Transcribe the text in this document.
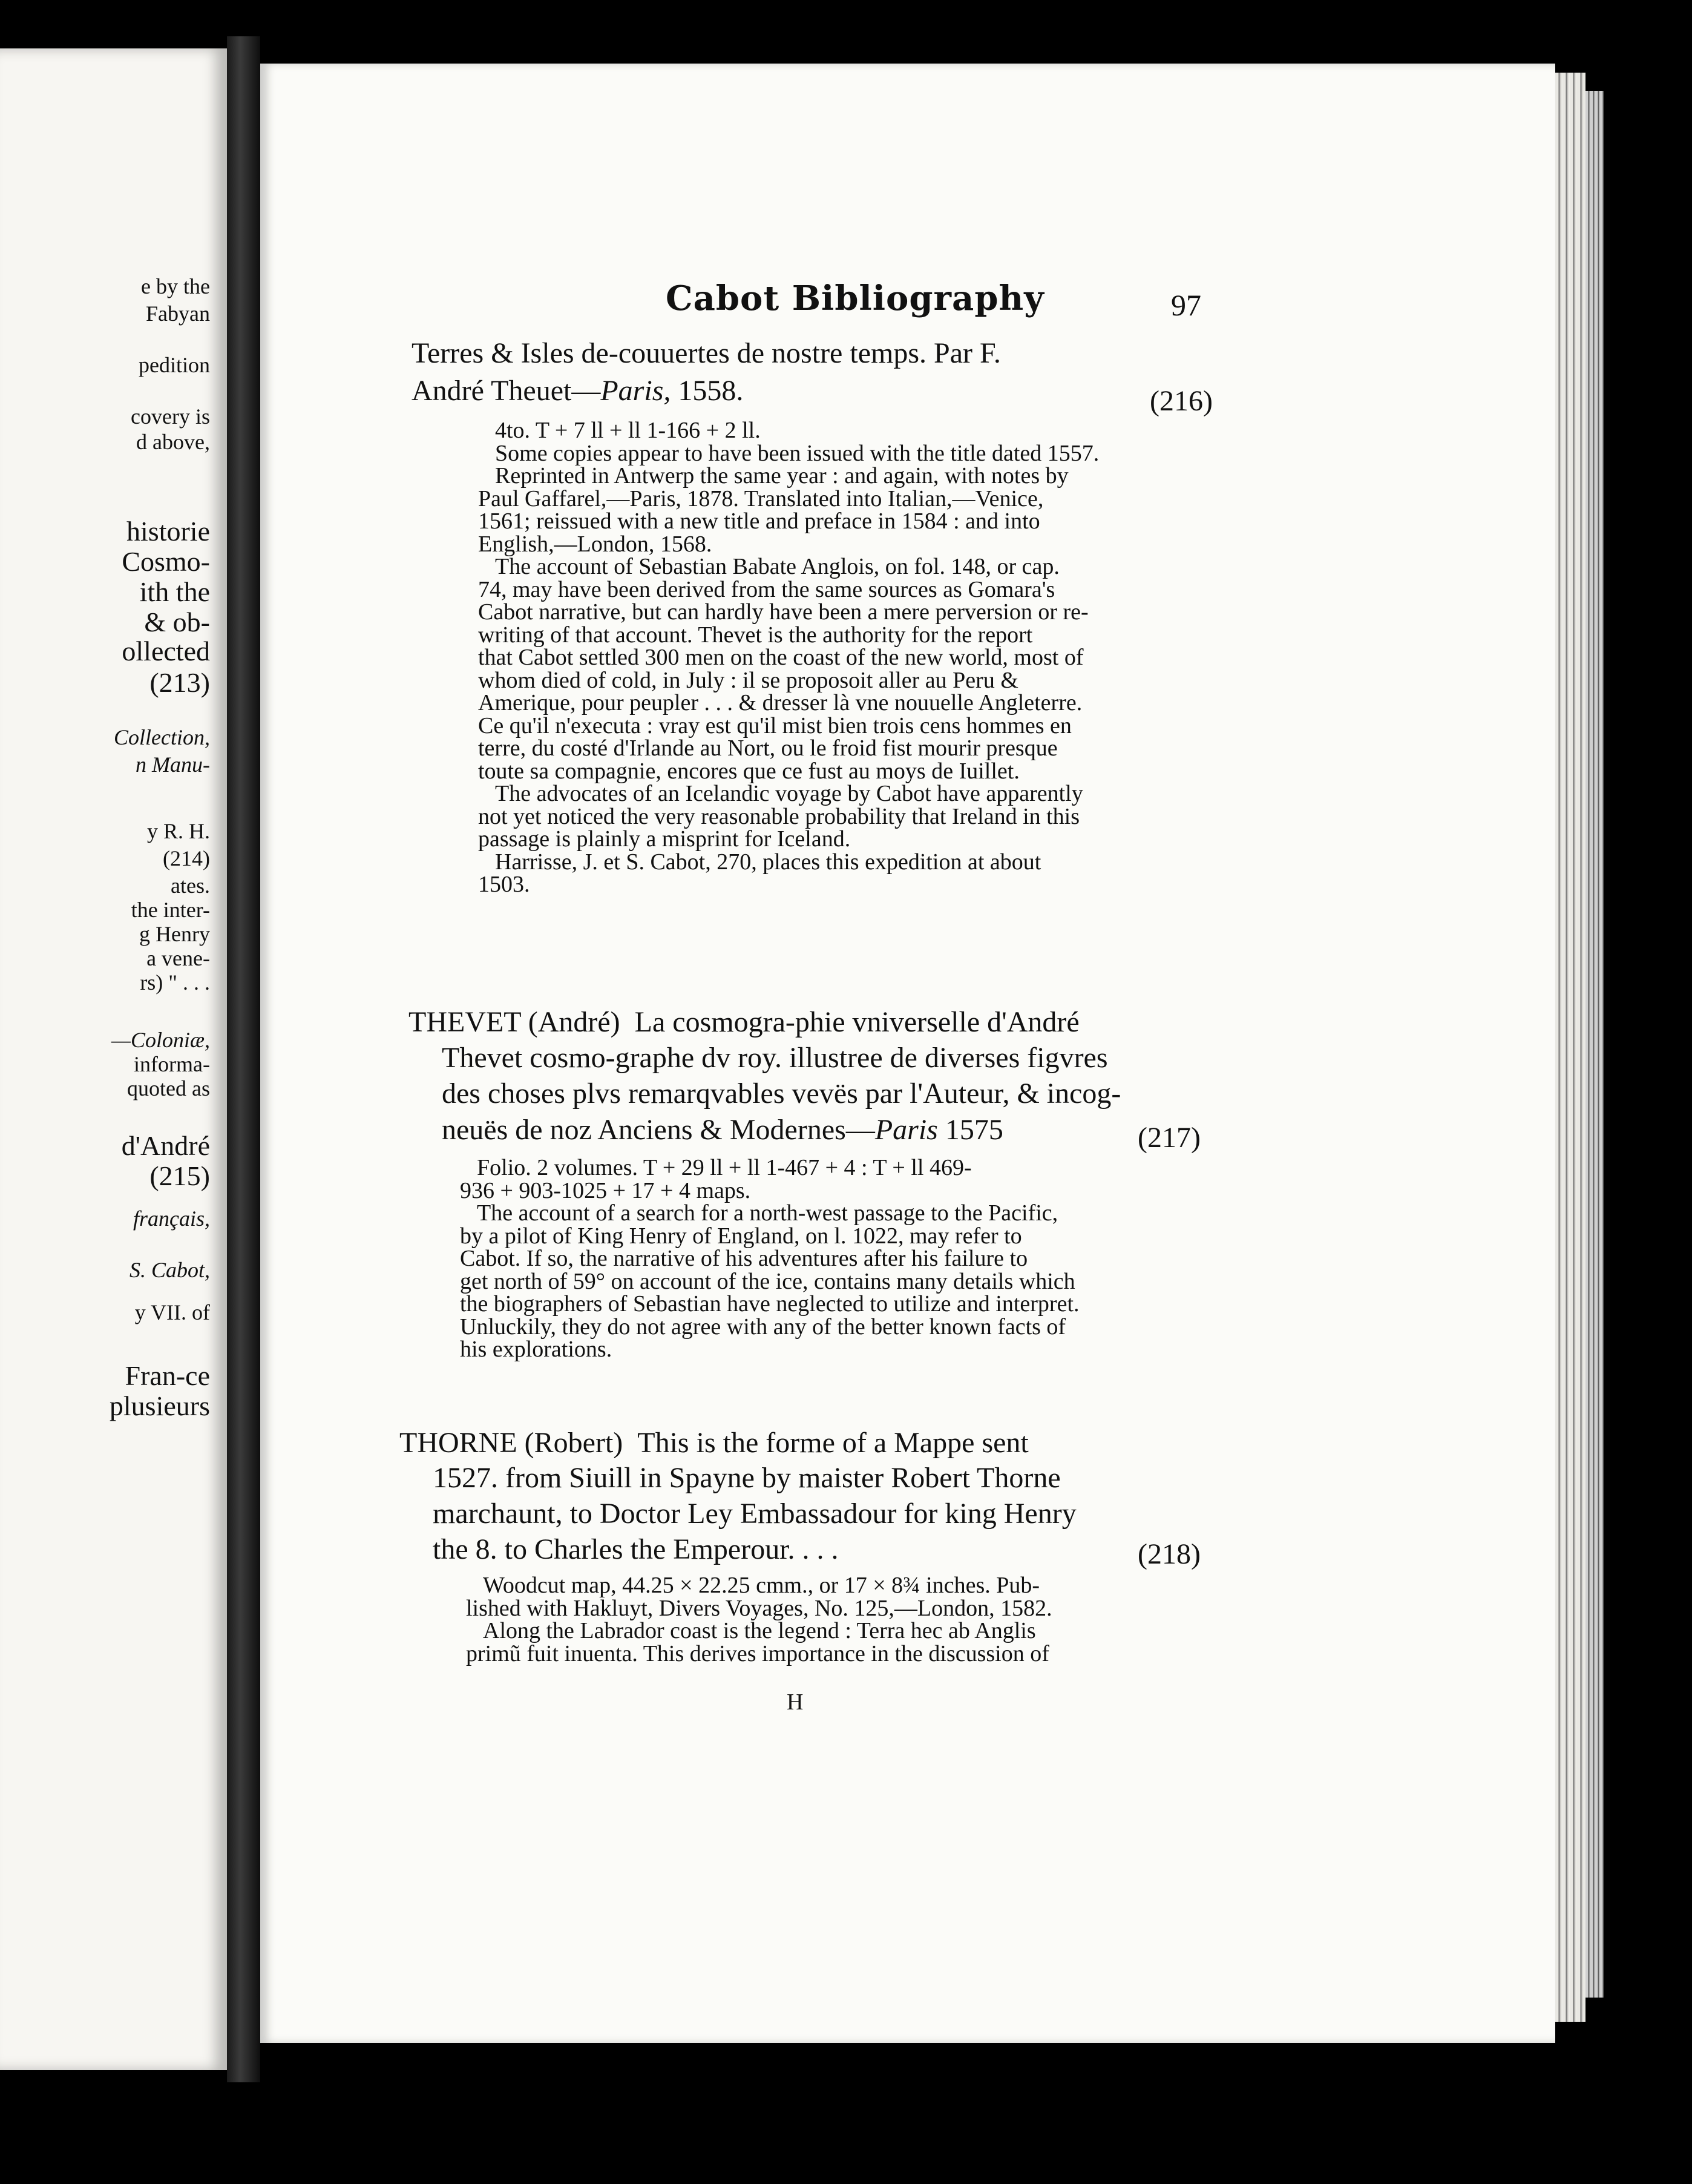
e by the
Fabyan
pedition
covery is
d above,
historie
Cosmo-
ith the
& ob-
ollected
(213)
Collection,
n Manu-
y R. H.
(214)
ates.
the inter-
g Henry
a vene-
rs) " . . .
—Coloniæ,
informa-
quoted as
d'André
(215)
français,
S. Cabot,
y VII. of
Fran-ce
plusieurs
Cabot Bibliography	97
Terres & Isles de-couuertes de nostre temps. Par F.
André Theuet—Paris, 1558.	(216)
4to. T + 7 ll + ll 1-166 + 2 ll.
Some copies appear to have been issued with the title dated 1557.
Reprinted in Antwerp the same year : and again, with notes by
Paul Gaffarel,—Paris, 1878. Translated into Italian,—Venice,
1561; reissued with a new title and preface in 1584 : and into
English,—London, 1568.
The account of Sebastian Babate Anglois, on fol. 148, or cap.
74, may have been derived from the same sources as Gomara's
Cabot narrative, but can hardly have been a mere perversion or re-
writing of that account. Thevet is the authority for the report
that Cabot settled 300 men on the coast of the new world, most of
whom died of cold, in July : il se proposoit aller au Peru &
Amerique, pour peupler . . . & dresser là vne nouuelle Angleterre.
Ce qu'il n'executa : vray est qu'il mist bien trois cens hommes en
terre, du costé d'Irlande au Nort, ou le froid fist mourir presque
toute sa compagnie, encores que ce fust au moys de Iuillet.
The advocates of an Icelandic voyage by Cabot have apparently
not yet noticed the very reasonable probability that Ireland in this
passage is plainly a misprint for Iceland.
Harrisse, J. et S. Cabot, 270, places this expedition at about
1503.
THEVET (André) La cosmogra-phie vniverselle d'André
Thevet cosmo-graphe dv roy. illustree de diverses figvres
des choses plvs remarqvables vevës par l'Auteur, & incog-
neuës de noz Anciens & Modernes—Paris 1575	(217)
Folio. 2 volumes. T + 29 ll + ll 1-467 + 4 : T + ll 469-
936 + 903-1025 + 17 + 4 maps.
The account of a search for a north-west passage to the Pacific,
by a pilot of King Henry of England, on l. 1022, may refer to
Cabot. If so, the narrative of his adventures after his failure to
get north of 59° on account of the ice, contains many details which
the biographers of Sebastian have neglected to utilize and interpret.
Unluckily, they do not agree with any of the better known facts of
his explorations.
THORNE (Robert) This is the forme of a Mappe sent
1527. from Siuill in Spayne by maister Robert Thorne
marchaunt, to Doctor Ley Embassadour for king Henry
the 8. to Charles the Emperour. . . .	(218)
Woodcut map, 44.25 × 22.25 cmm., or 17 × 8¾ inches. Pub-
lished with Hakluyt, Divers Voyages, No. 125,—London, 1582.
Along the Labrador coast is the legend : Terra hec ab Anglis
primũ fuit inuenta. This derives importance in the discussion of
H
